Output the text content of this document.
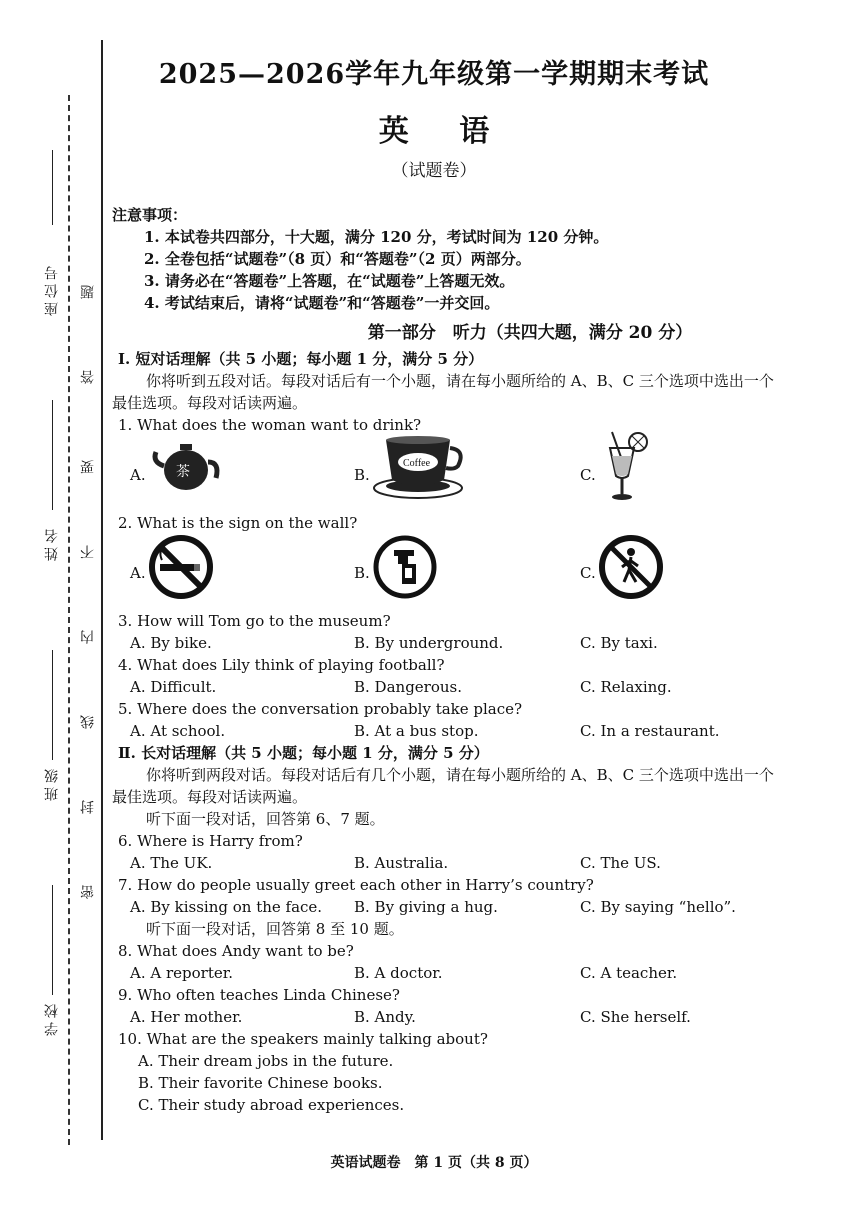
座位号
姓名
班级
学校
题
答
要
不
内
线
封
密
2025—2026学年九年级第一学期期末考试
英 语
（试题卷）
注意事项：
1. 本试卷共四部分，十大题，满分 120 分，考试时间为 120 分钟。
2. 全卷包括“试题卷”（8 页）和“答题卷”（2 页）两部分。
3. 请务必在“答题卷”上答题，在“试题卷”上答题无效。
4. 考试结束后，请将“试题卷”和“答题卷”一并交回。
第一部分　听力（共四大题，满分 20 分）
Ⅰ. 短对话理解（共 5 小题；每小题 1 分，满分 5 分）
你将听到五段对话。每段对话后有一个小题，请在每小题所给的 A、B、C 三个选项中选出一个
最佳选项。每段对话读两遍。
1. What does the woman want to drink?
A. 茶	B.
Coffee
C.
2. What is the sign on the wall?
A.	B.	C.
3. How will Tom go to the museum?
A. By bike.	B. By underground.	C. By taxi.
4. What does Lily think of playing football?
A. Difficult.	B. Dangerous.	C. Relaxing.
5. Where does the conversation probably take place?
A. At school.	B. At a bus stop.	C. In a restaurant.
Ⅱ. 长对话理解（共 5 小题；每小题 1 分，满分 5 分）
你将听到两段对话。每段对话后有几个小题，请在每小题所给的 A、B、C 三个选项中选出一个
最佳选项。每段对话读两遍。
听下面一段对话，回答第 6、7 题。
6. Where is Harry from?
A. The UK.	B. Australia.	C. The US.
7. How do people usually greet each other in Harry’s country?
A. By kissing on the face.	B. By giving a hug.	C. By saying “hello”.
听下面一段对话，回答第 8 至 10 题。
8. What does Andy want to be?
A. A reporter.	B. A doctor.	C. A teacher.
9. Who often teaches Linda Chinese?
A. Her mother.	B. Andy.	C. She herself.
10. What are the speakers mainly talking about?
A. Their dream jobs in the future.
B. Their favorite Chinese books.
C. Their study abroad experiences.
英语试题卷　第 1 页（共 8 页）
